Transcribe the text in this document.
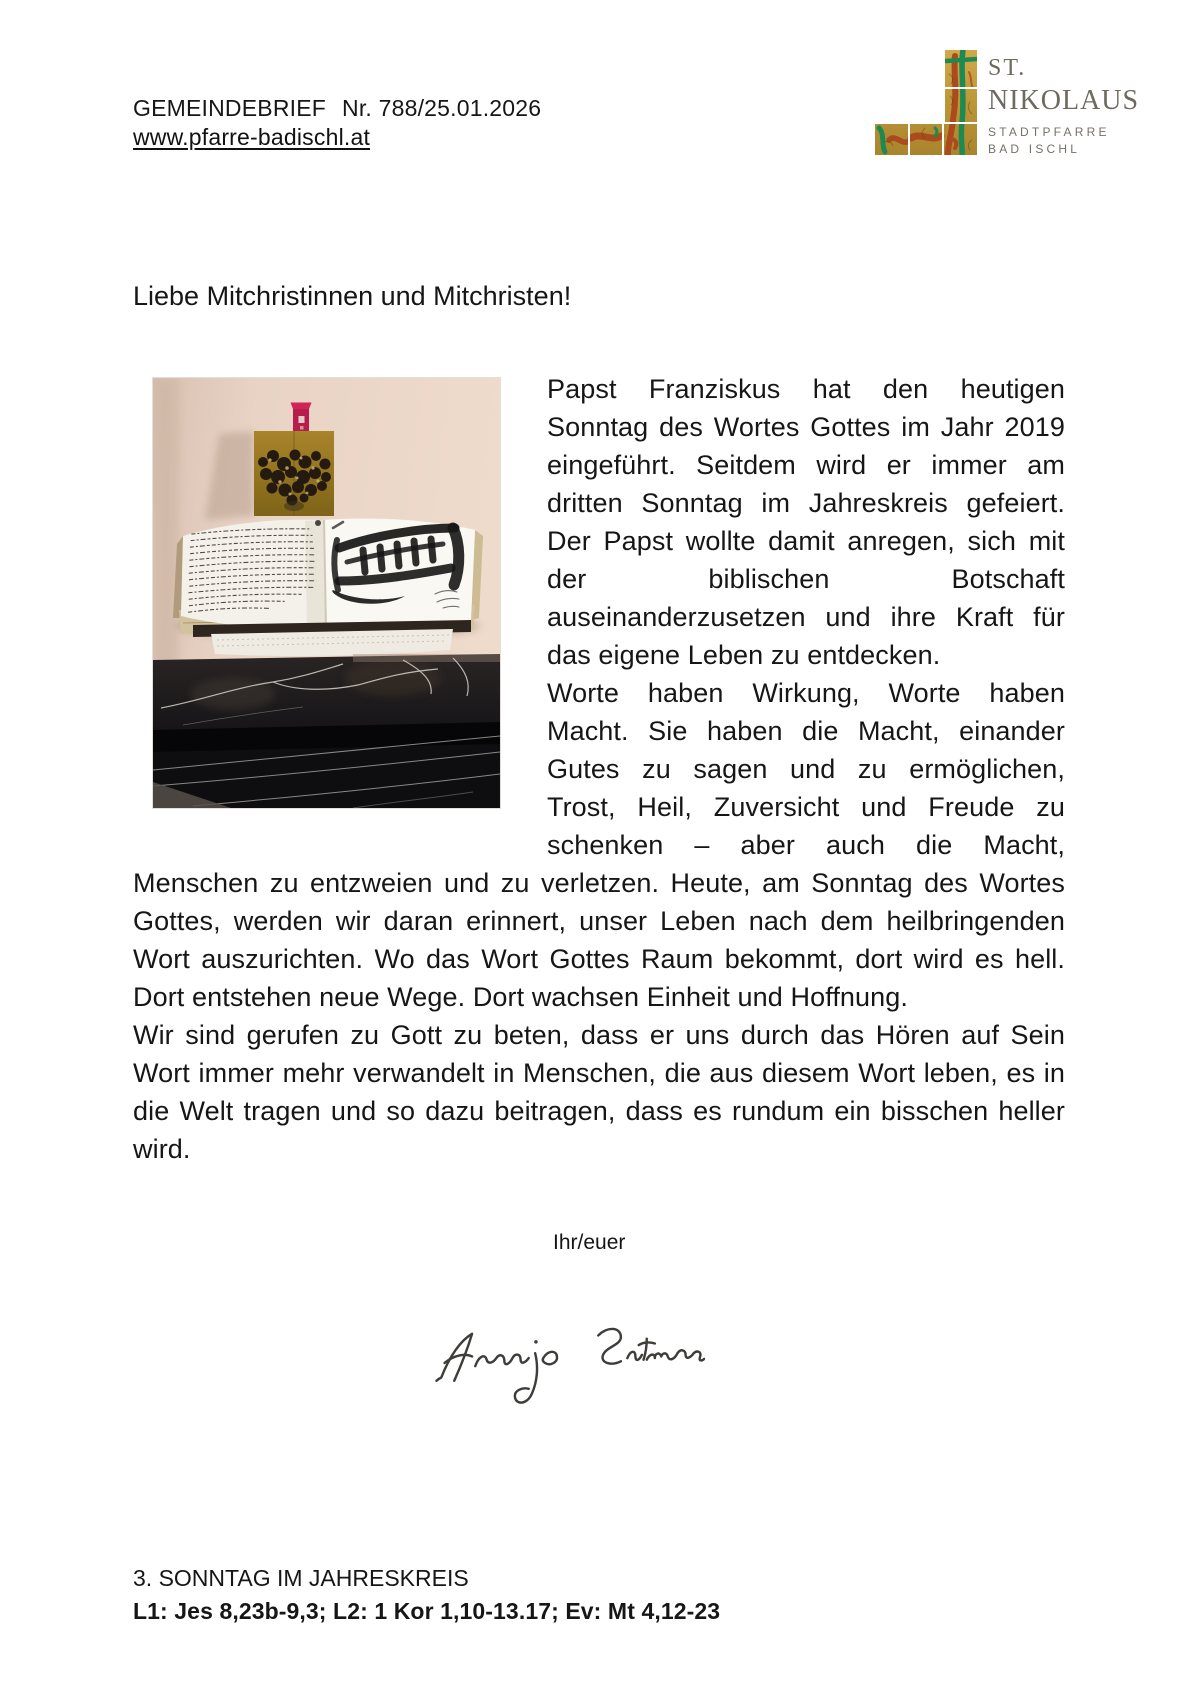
GEMEINDEBRIEF Nr. 788/25.01.2026
www.pfarre-badischl.at
ST.
NIKOLAUS
STADTPFARRE
BAD ISCHL
Liebe Mitchristinnen und Mitchristen!

Papst Franziskus hat den heutigen Sonntag des Wortes Gottes im Jahr 2019 eingeführt. Seitdem wird er immer am dritten Sonntag im Jahreskreis gefeiert. Der Papst wollte damit anregen, sich mit der biblischen Botschaft auseinanderzusetzen und ihre Kraft für das eigene Leben zu entdecken.

Worte haben Wirkung, Worte haben Macht. Sie haben die Macht, einander Gutes zu sagen und zu ermöglichen, Trost, Heil, Zuversicht und Freude zu schenken – aber auch die Macht, Menschen zu entzweien und zu verletzen. Heute, am Sonntag des Wortes Gottes, werden wir daran erinnert, unser Leben nach dem heilbringenden Wort auszurichten. Wo das Wort Gottes Raum bekommt, dort wird es hell. Dort entstehen neue Wege. Dort wachsen Einheit und Hoffnung.

Wir sind gerufen zu Gott zu beten, dass er uns durch das Hören auf Sein Wort immer mehr verwandelt in Menschen, die aus diesem Wort leben, es in die Welt tragen und so dazu beitragen, dass es rundum ein bisschen heller wird.

Ihr/euer
3. SONNTAG IM JAHRESKREIS
L1: Jes 8,23b-9,3; L2: 1 Kor 1,10-13.17; Ev: Mt 4,12-23
